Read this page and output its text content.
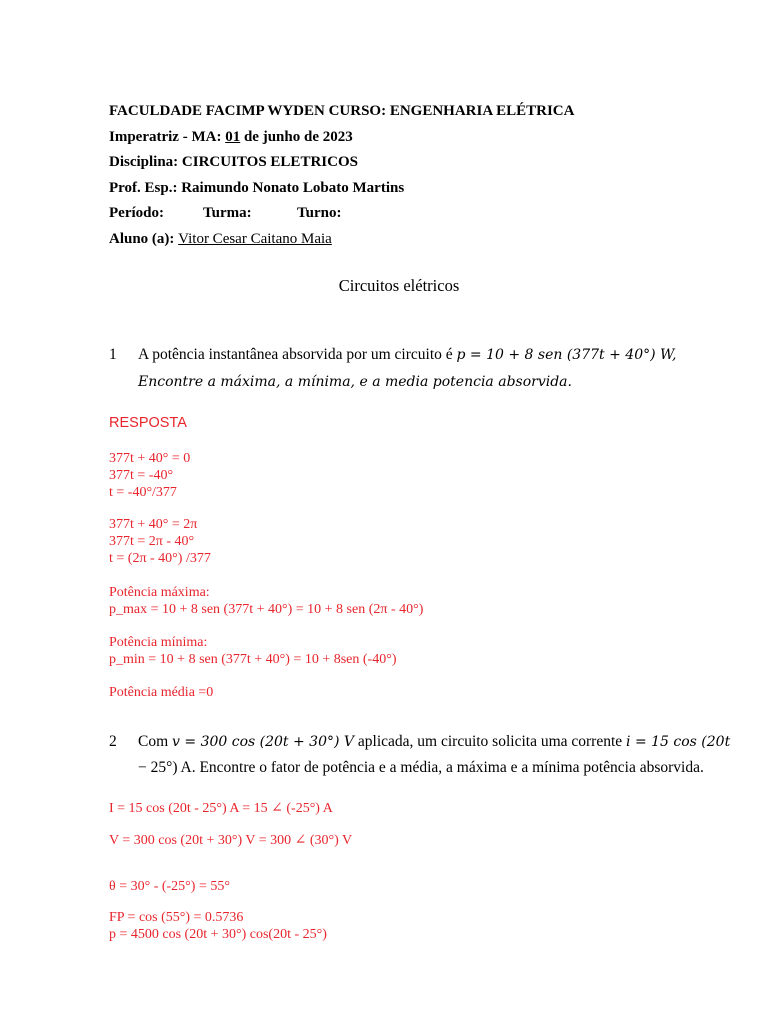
FACULDADE FACIMP WYDEN CURSO: ENGENHARIA ELÉTRICA
Imperatriz - MA: 01 de junho de 2023
Disciplina: CIRCUITOS ELETRICOS
Prof. Esp.: Raimundo Nonato Lobato Martins
Período:	Turma:	Turno:
Aluno (a): Vitor Cesar Caitano Maia
Circuitos elétricos
1 A potência instantânea absorvida por um circuito é p = 10 + 8 sen (377t + 40°) W,
Encontre a máxima, a mínima, e a media potencia absorvida.
RESPOSTA
377t + 40° = 0
377t = -40°
t = -40°/377
377t + 40° = 2π
377t = 2π - 40°
t = (2π - 40°) /377
Potência máxima:
p_max = 10 + 8 sen (377t + 40°) = 10 + 8 sen (2π - 40°)
Potência mínima:
p_min = 10 + 8 sen (377t + 40°) = 10 + 8sen (-40°)
Potência média =0
2 Com v = 300 cos (20t + 30°) V aplicada, um circuito solicita uma corrente i = 15 cos (20t
− 25°) A. Encontre o fator de potência e a média, a máxima e a mínima potência absorvida.
I = 15 cos (20t - 25°) A = 15 ∠ (-25°) A
V = 300 cos (20t + 30°) V = 300 ∠ (30°) V
θ = 30° - (-25°) = 55°
FP = cos (55°) = 0.5736
p = 4500 cos (20t + 30°) cos(20t - 25°)
